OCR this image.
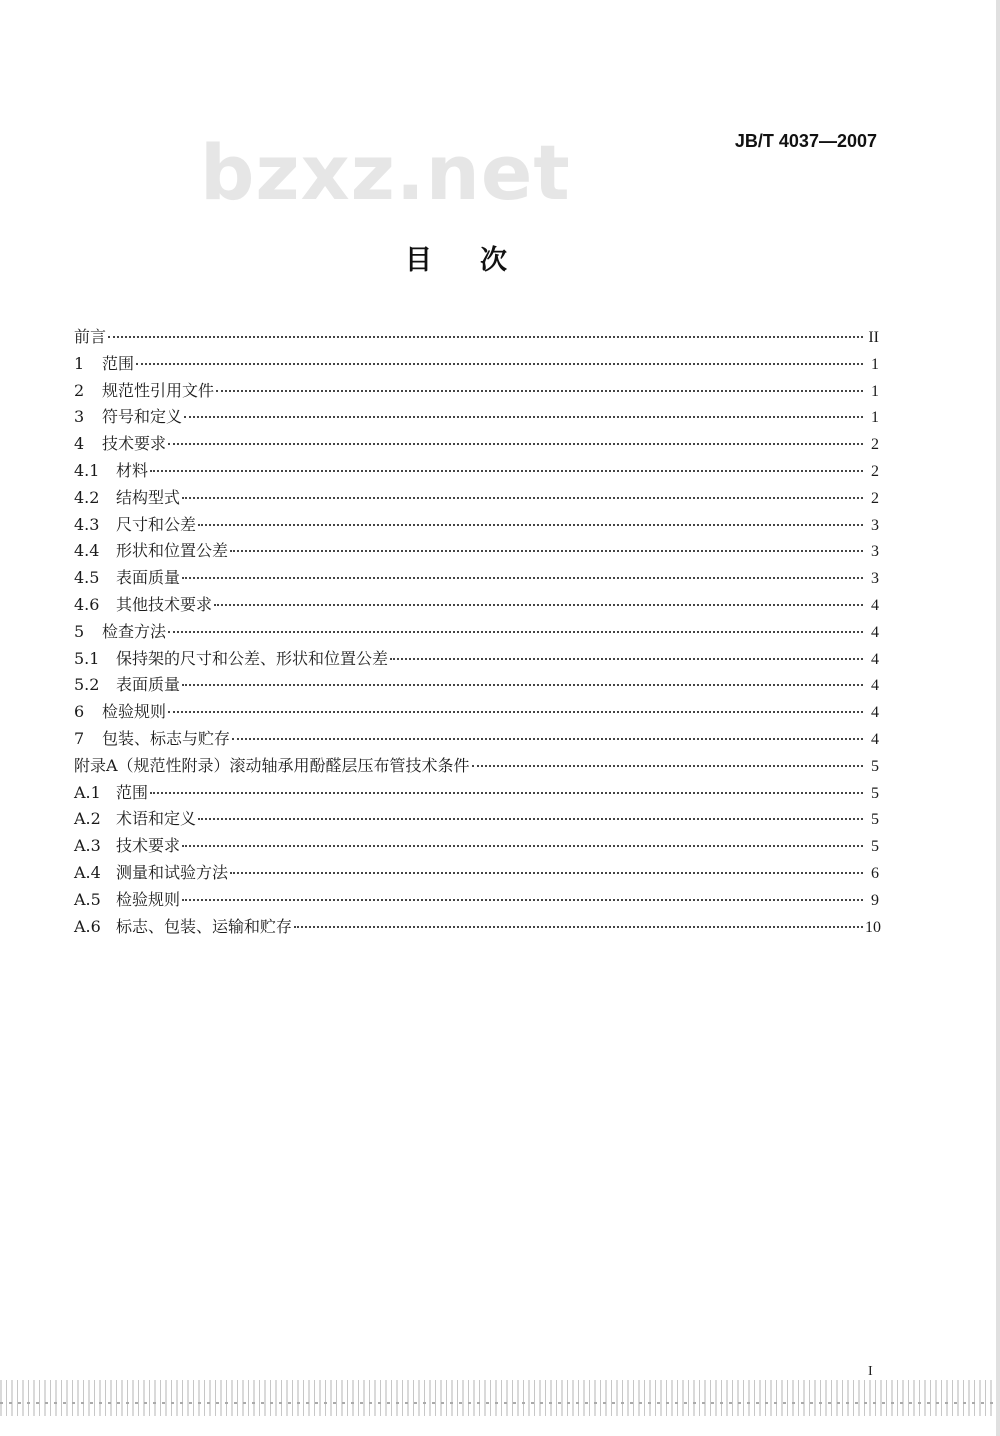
bzxz.net	JB/T 4037—2007
目次
前言	II
1	范围	1
2	规范性引用文件	1
3	符号和定义	1
4	技术要求	2
4.1	材料	2
4.2	结构型式	2
4.3	尺寸和公差	3
4.4	形状和位置公差	3
4.5	表面质量	3
4.6	其他技术要求	4
5	检查方法	4
5.1	保持架的尺寸和公差、形状和位置公差	4
5.2	表面质量	4
6	检验规则	4
7	包装、标志与贮存	4
附录A（规范性附录）滚动轴承用酚醛层压布管技术条件	5
A.1 范围	5
A.2 术语和定义	5
A.3 技术要求	5
A.4 测量和试验方法	6
A.5 检验规则	9
A.6 标志、包装、运输和贮存	10
I
